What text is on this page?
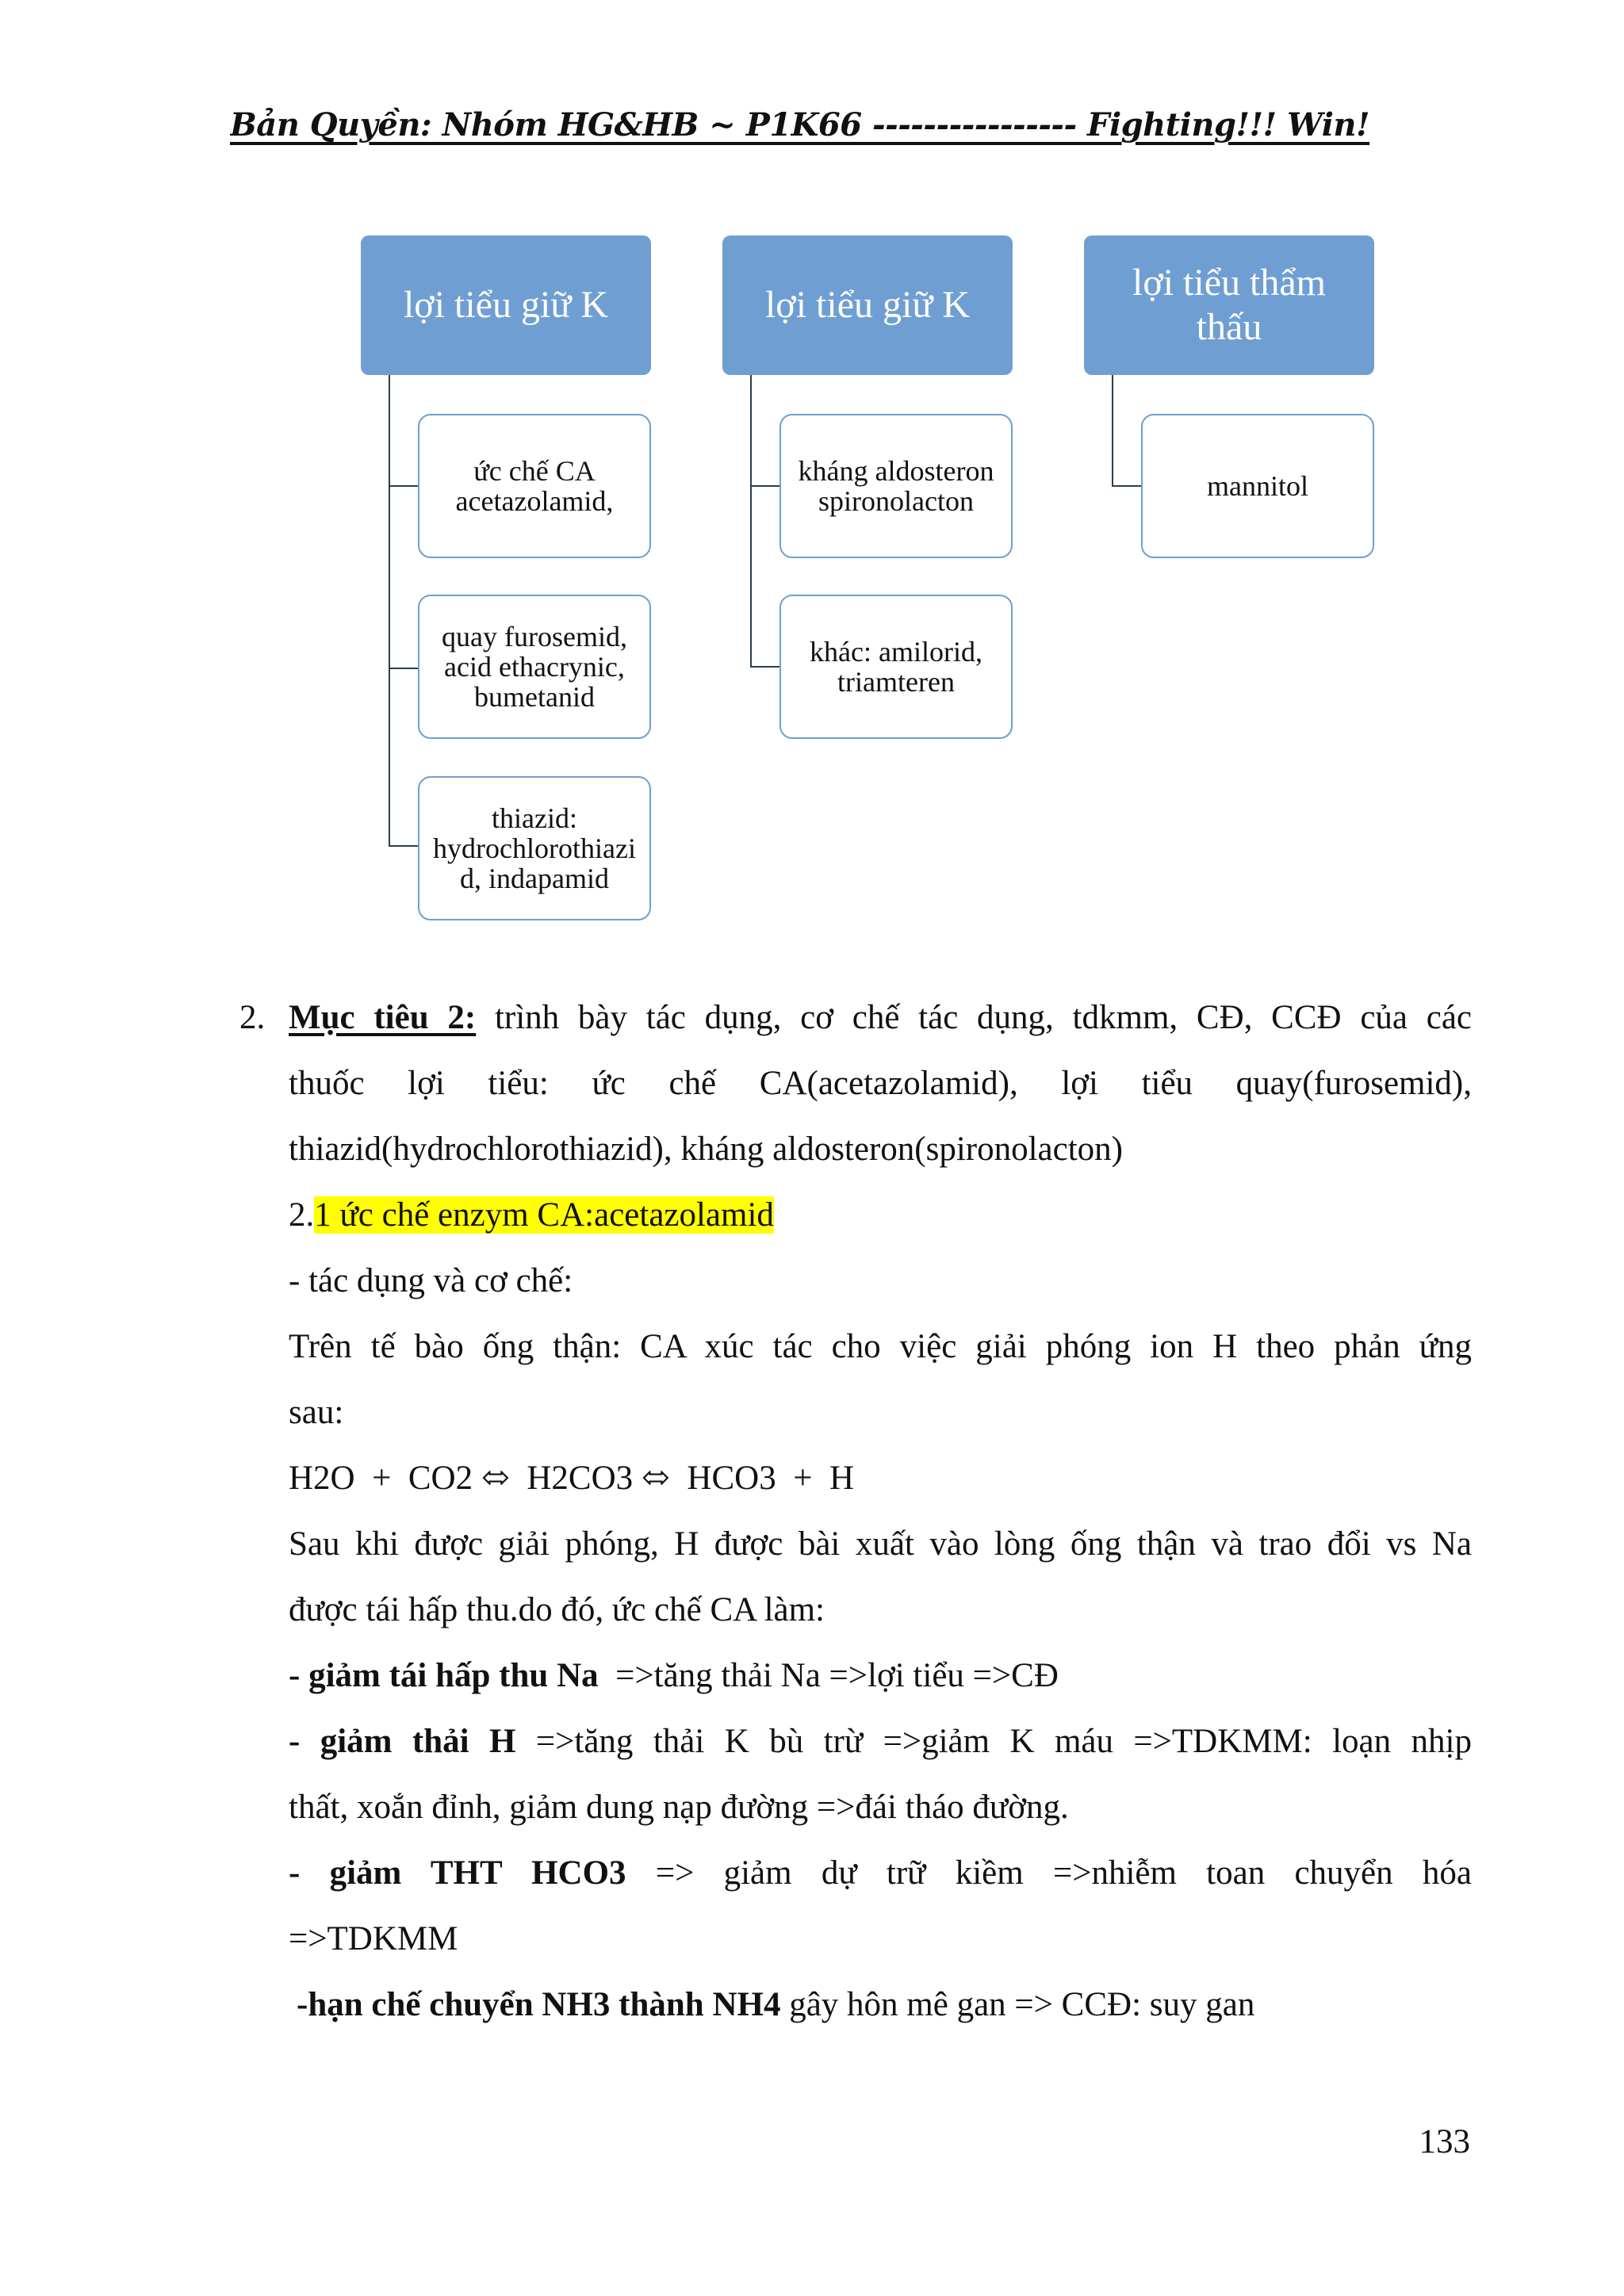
Bản Quyền: Nhóm HG&HB ~ P1K66 ---------------- Fighting!!! Win!
lợi tiểu giữ K
ức chế CA
acetazolamid,
quay furosemid,
acid ethacrynic,
bumetanid
thiazid:
hydrochlorothiazi
d, indapamid
lợi tiểu giữ K
kháng aldosteron
spironolacton
khác: amilorid,
triamteren
lợi tiểu thẩm thấu
mannitol

2. Mục tiêu 2: trình bày tác dụng, cơ chế tác dụng, tdkmm, CĐ, CCĐ của các

thuốc lợi tiểu: ức chế CA(acetazolamid), lợi tiểu quay(furosemid),

thiazid(hydrochlorothiazid), kháng aldosteron(spironolacton)

2.1 ức chế enzym CA:acetazolamid

- tác dụng và cơ chế:

Trên tế bào ống thận: CA xúc tác cho việc giải phóng ion H theo phản ứng

sau:

H2O  +  CO2 ⬄  H2CO3 ⬄  HCO3  +  H

Sau khi được giải phóng, H được bài xuất vào lòng ống thận và trao đổi vs Na

được tái hấp thu.do đó, ức chế CA làm:

- giảm tái hấp thu Na  =>tăng thải Na =>lợi tiểu =>CĐ

- giảm thải H =>tăng thải K bù trừ =>giảm K máu =>TDKMM: loạn nhịp

thất, xoắn đỉnh, giảm dung nạp đường =>đái tháo đường.

- giảm THT HCO3 => giảm dự trữ kiềm =>nhiễm toan chuyển hóa

=>TDKMM

-hạn chế chuyển NH3 thành NH4 gây hôn mê gan => CCĐ: suy gan

133
